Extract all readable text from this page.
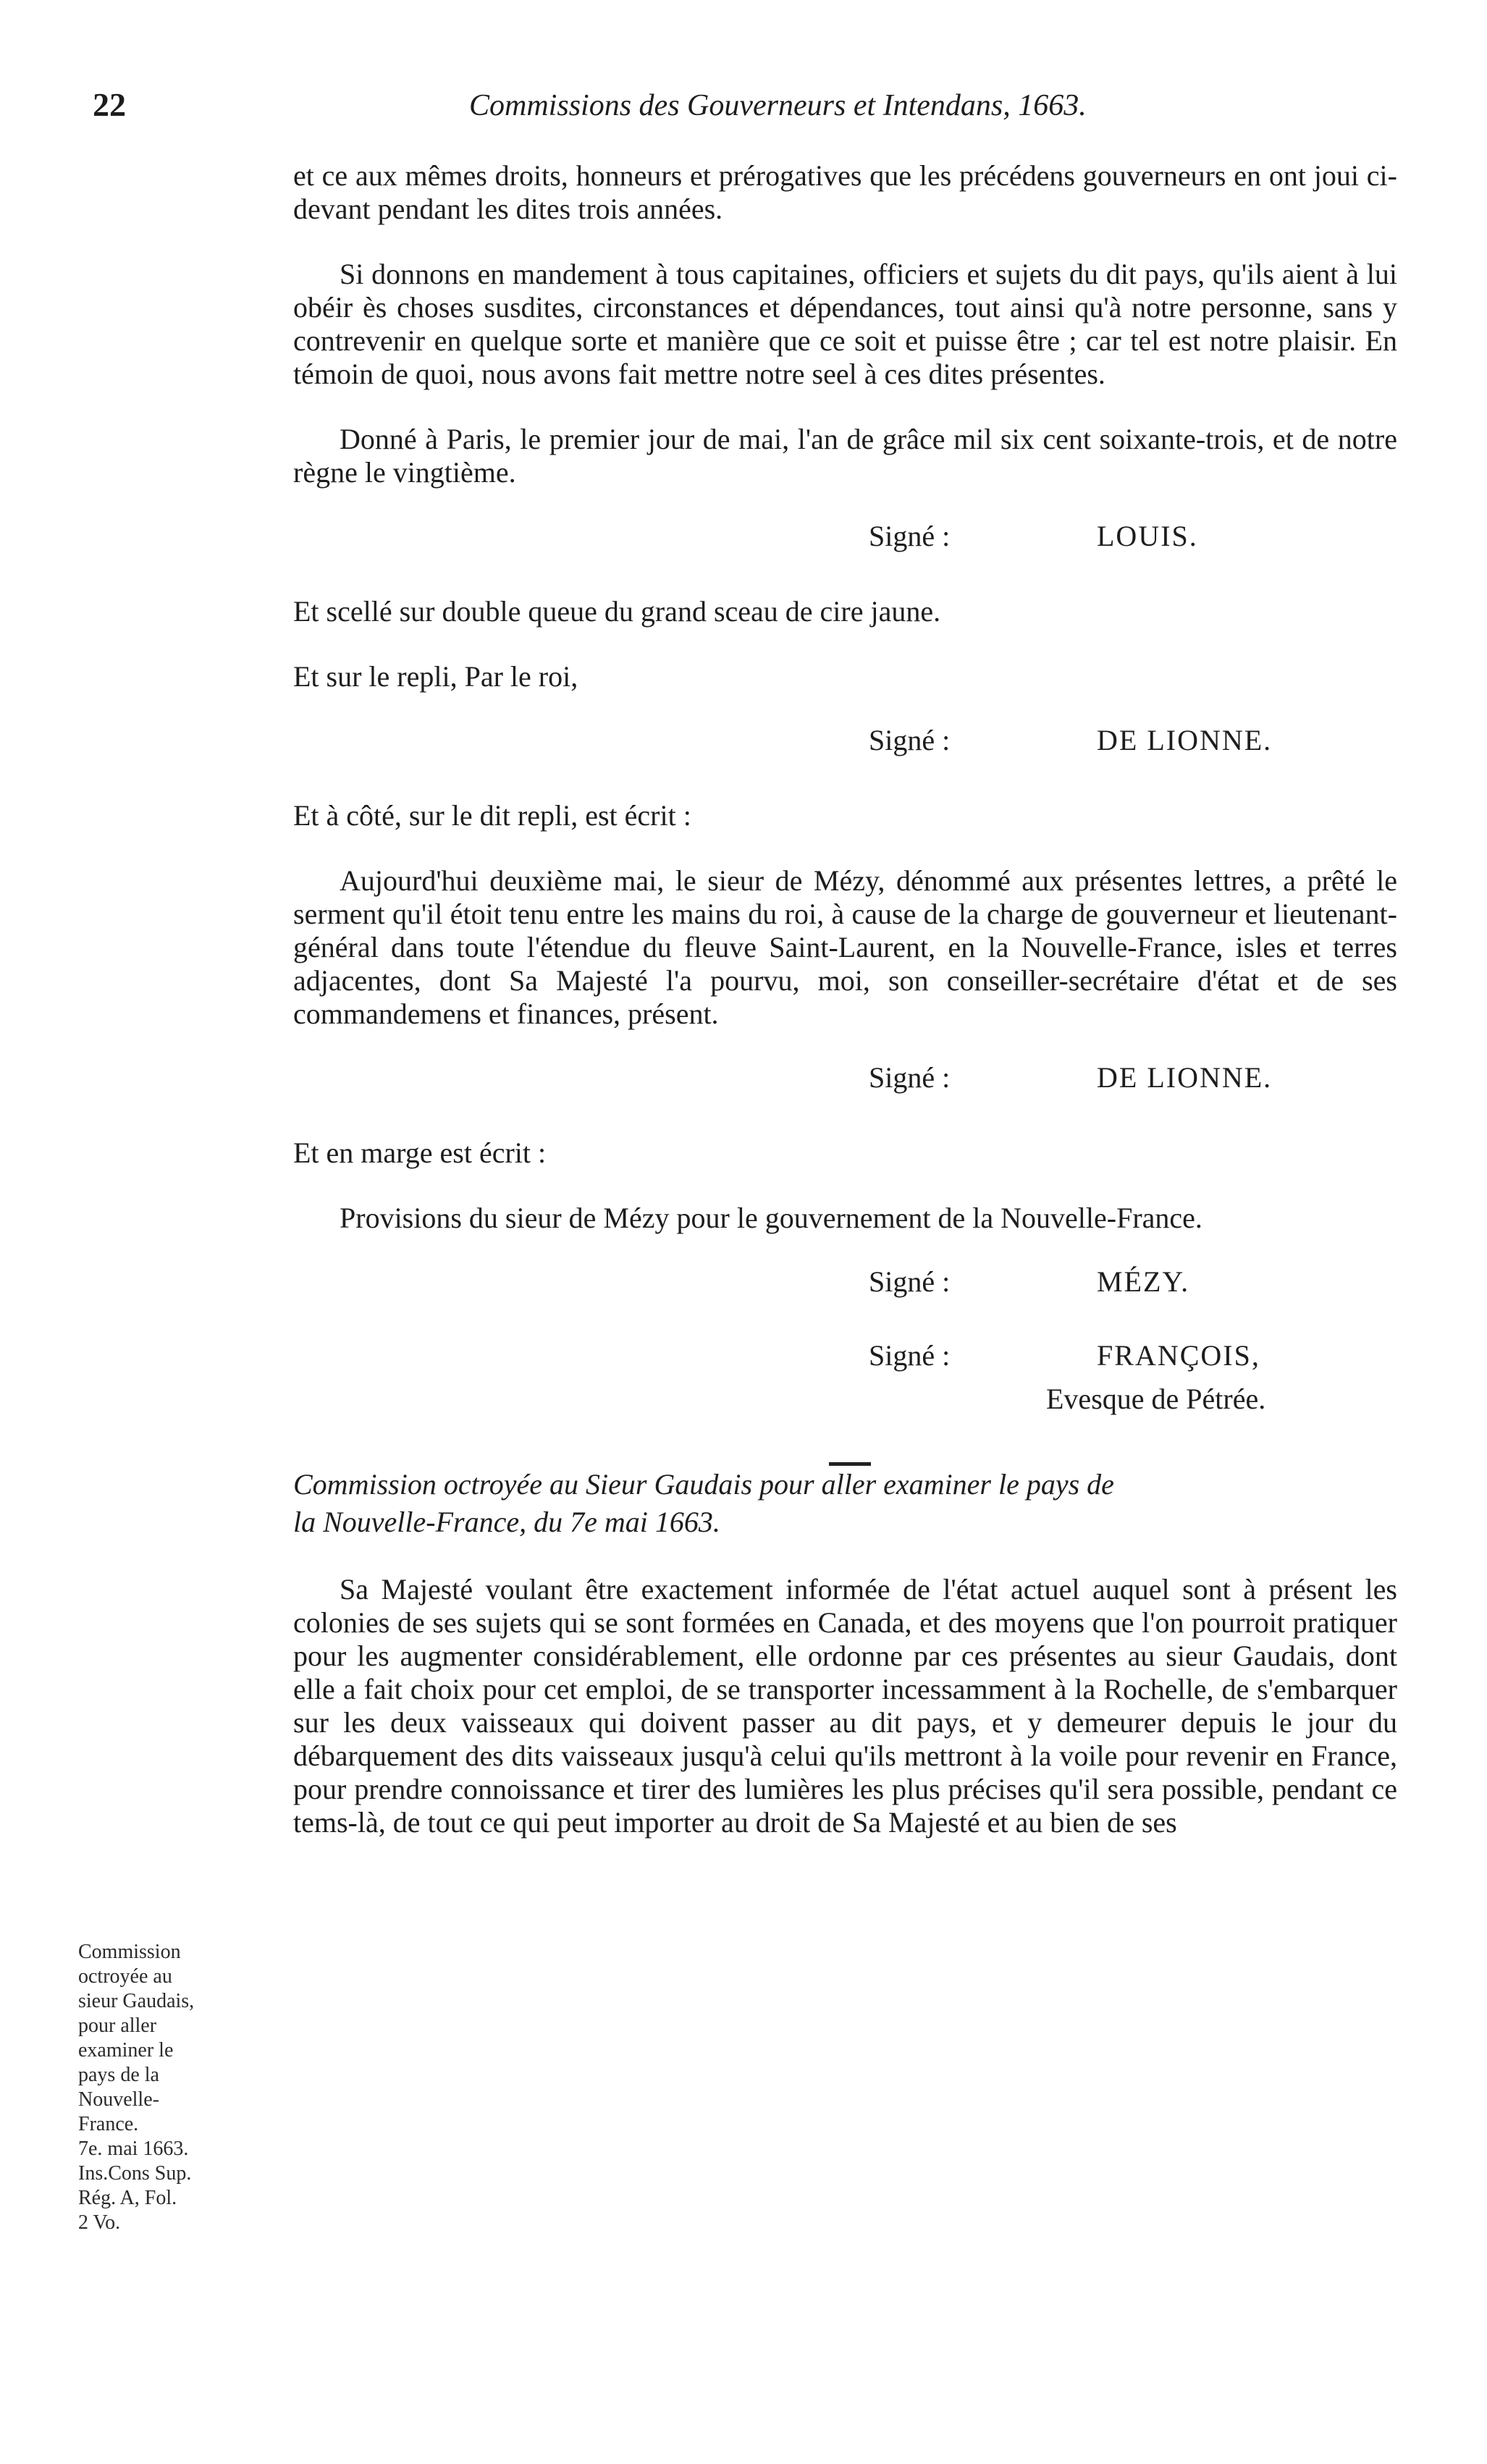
22	Commissions des Gouverneurs et Intendans, 1663.

et ce aux mêmes droits, honneurs et prérogatives que les précédens gouverneurs en ont joui ci-devant pendant les dites trois années.

Si donnons en mandement à tous capitaines, officiers et sujets du dit pays, qu'ils aient à lui obéir ès choses susdites, circonstances et dépendances, tout ainsi qu'à notre personne, sans y contrevenir en quelque sorte et manière que ce soit et puisse être ; car tel est notre plaisir. En témoin de quoi, nous avons fait mettre notre seel à ces dites présentes.

Donné à Paris, le premier jour de mai, l'an de grâce mil six cent soixante-trois, et de notre règne le vingtième.

Signé :	LOUIS.

Et scellé sur double queue du grand sceau de cire jaune.

Et sur le repli, Par le roi,

Signé :	DE LIONNE.

Et à côté, sur le dit repli, est écrit :

Aujourd'hui deuxième mai, le sieur de Mézy, dénommé aux présentes lettres, a prêté le serment qu'il étoit tenu entre les mains du roi, à cause de la charge de gouverneur et lieutenant-général dans toute l'étendue du fleuve Saint-Laurent, en la Nouvelle-France, isles et terres adjacentes, dont Sa Majesté l'a pourvu, moi, son conseiller-secrétaire d'état et de ses commandemens et finances, présent.

Signé :	DE LIONNE.

Et en marge est écrit :

Provisions du sieur de Mézy pour le gouvernement de la Nouvelle-France.

Signé :	MÉZY.
Signé :	FRANÇOIS,
Evesque de Pétrée.

Commission octroyée au Sieur Gaudais pour aller examiner le pays de
la Nouvelle-France, du 7e mai 1663.

Sa Majesté voulant être exactement informée de l'état actuel auquel sont à présent les colonies de ses sujets qui se sont formées en Canada, et des moyens que l'on pourroit pratiquer pour les augmenter considérablement, elle ordonne par ces présentes au sieur Gaudais, dont elle a fait choix pour cet emploi, de se transporter incessamment à la Rochelle, de s'embarquer sur les deux vaisseaux qui doivent passer au dit pays, et y demeurer depuis le jour du débarquement des dits vaisseaux jusqu'à celui qu'ils mettront à la voile pour revenir en France, pour prendre connoissance et tirer des lumières les plus précises qu'il sera possible, pendant ce tems-là, de tout ce qui peut importer au droit de Sa Majesté et au bien de ses

Commission
octroyée au
sieur Gaudais,
pour aller
examiner le
pays de la
Nouvelle-
France.
7e. mai 1663.
Ins.Cons Sup.
Rég. A, Fol.
2 Vo.
